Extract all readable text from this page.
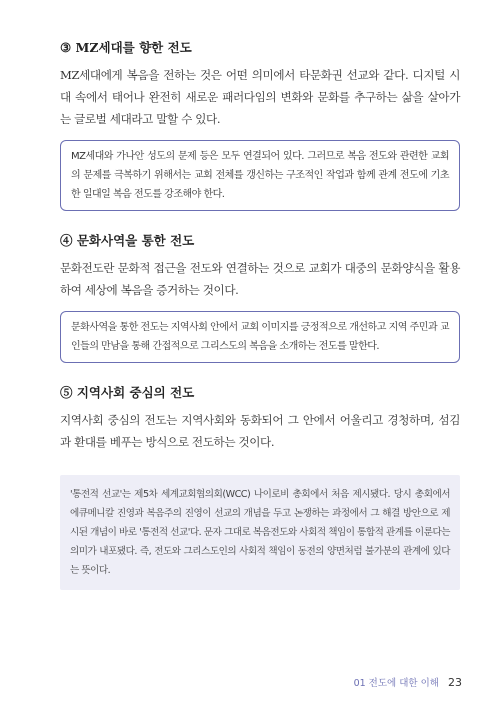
③ MZ세대를 향한 전도

MZ세대에게 복음을 전하는 것은 어떤 의미에서 타문화권 선교와 같다. 디지털 시대 속에서 태어나 완전히 새로운 패러다임의 변화와 문화를 추구하는 삶을 살아가는 글로벌 세대라고 말할 수 있다.

MZ세대와 가나안 성도의 문제 등은 모두 연결되어 있다. 그러므로 복음 전도와 관련한 교회의 문제를 극복하기 위해서는 교회 전체를 갱신하는 구조적인 작업과 함께 관계 전도에 기초한 일대일 복음 전도를 강조해야 한다.
④ 문화사역을 통한 전도

문화전도란 문화적 접근을 전도와 연결하는 것으로 교회가 대중의 문화양식을 활용하여 세상에 복음을 증거하는 것이다.

문화사역을 통한 전도는 지역사회 안에서 교회 이미지를 긍정적으로 개선하고 지역 주민과 교인들의 만남을 통해 간접적으로 그리스도의 복음을 소개하는 전도를 말한다.
⑤ 지역사회 중심의 전도

지역사회 중심의 전도는 지역사회와 동화되어 그 안에서 어울리고 경청하며, 섬김과 환대를 베푸는 방식으로 전도하는 것이다.

'통전적 선교'는 제5차 세계교회협의회(WCC) 나이로비 총회에서 처음 제시됐다. 당시 총회에서 에큐메니칼 진영과 복음주의 진영이 선교의 개념을 두고 논쟁하는 과정에서 그 해결 방안으로 제시된 개념이 바로 '통전적 선교'다. 문자 그대로 복음전도와 사회적 책임이 통합적 관계를 이룬다는 의미가 내포됐다. 즉, 전도와 그리스도인의 사회적 책임이 동전의 양면처럼 불가분의 관계에 있다는 뜻이다.
01 전도에 대한 이해 23
